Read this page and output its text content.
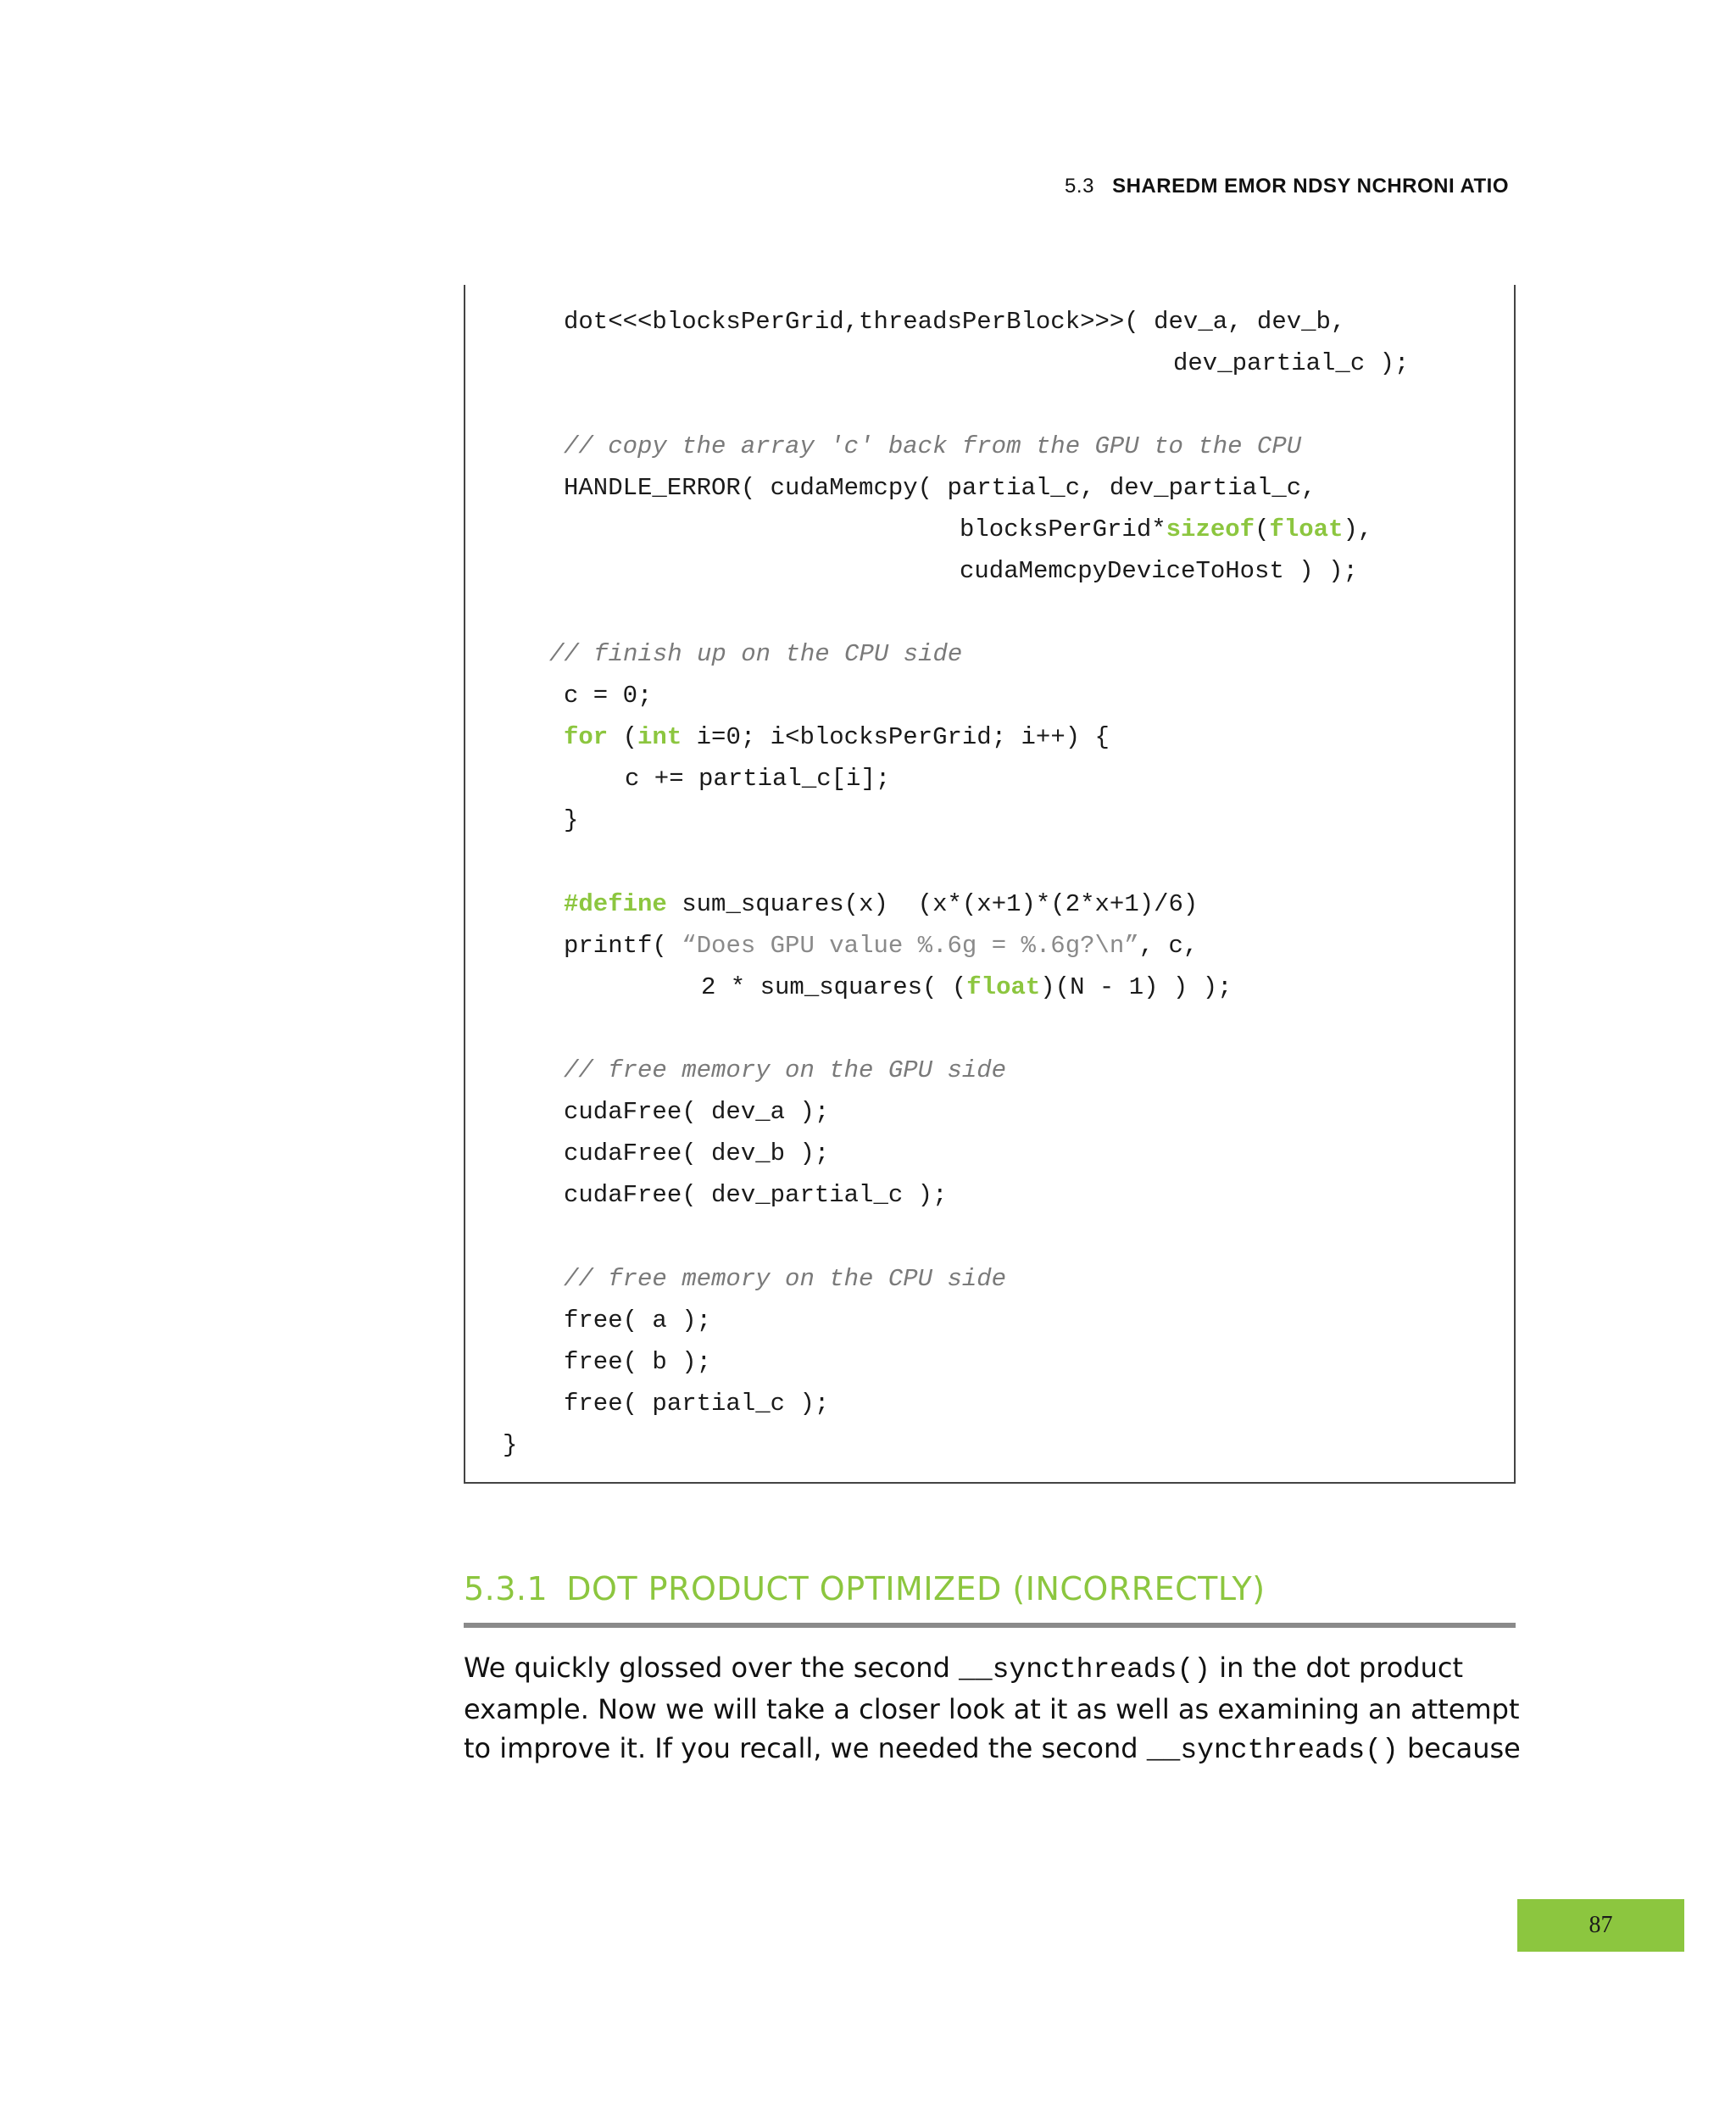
5.3 SHAREDM EMOR NDSY NCHRONI ATIO
dot<<<blocksPerGrid,threadsPerBlock>>>( dev_a, dev_b,
dev_partial_c );
// copy the array 'c' back from the GPU to the CPU
HANDLE_ERROR( cudaMemcpy( partial_c, dev_partial_c,
blocksPerGrid*sizeof(float),
cudaMemcpyDeviceToHost ) );
// finish up on the CPU side
c = 0;
for (int i=0; i<blocksPerGrid; i++) {
c += partial_c[i];
}
#define sum_squares(x)  (x*(x+1)*(2*x+1)/6)
printf( “Does GPU value %.6g = %.6g?\n”, c,
2 * sum_squares( (float)(N - 1) ) );
// free memory on the GPU side
cudaFree( dev_a );
cudaFree( dev_b );
cudaFree( dev_partial_c );
// free memory on the CPU side
free( a );
free( b );
free( partial_c );
}
5.3.1 DOT PRODUCT OPTIMIZED (INCORRECTLY)
We quickly glossed over the second __syncthreads() in the dot product example. Now we will take a closer look at it as well as examining an attempt to improve it. If you recall, we needed the second __syncthreads() because
87
